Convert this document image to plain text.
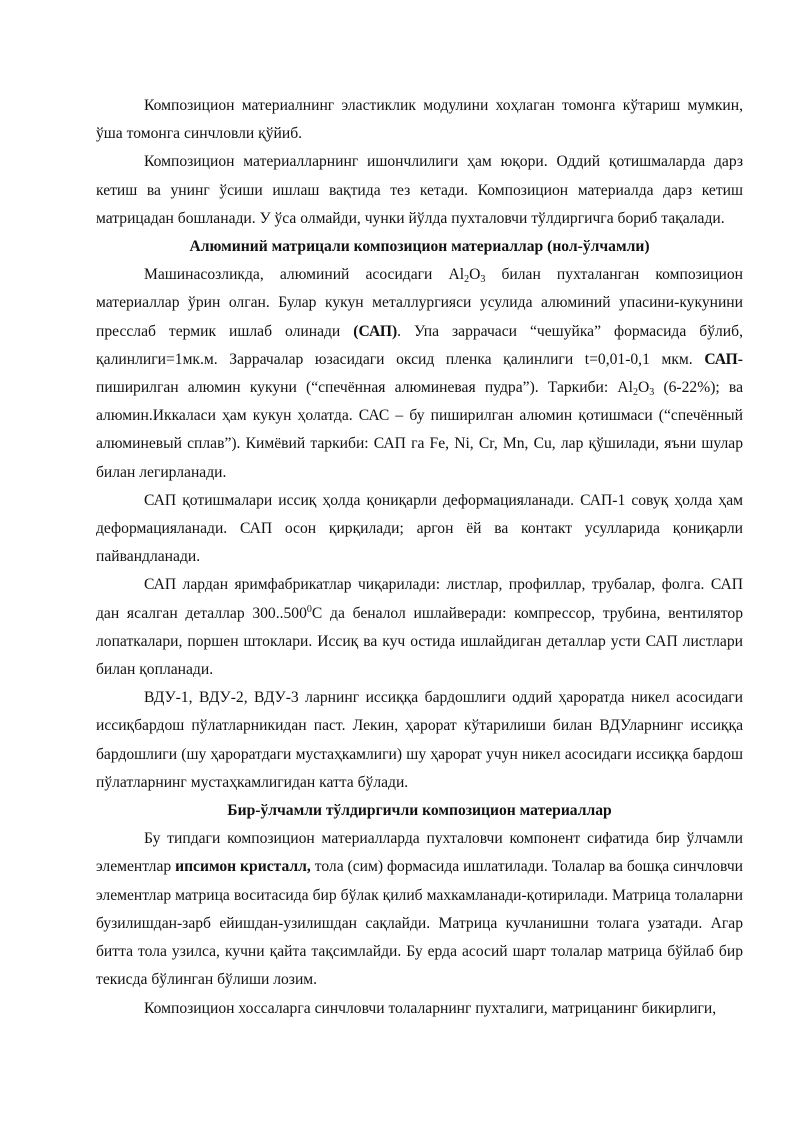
Композицион материалнинг эластиклик модулини хоҳлаган томонга кўтариш мумкин, ўша томонга синчловли қўйиб.

Композицион материалларнинг ишончлилиги ҳам юқори. Оддий қотишмаларда дарз кетиш ва унинг ўсиши ишлаш вақтида тез кетади. Композицион материалда дарз кетиш матрицадан бошланади. У ўса олмайди, чунки йўлда пухталовчи тўлдиргичга бориб тақалади.

Алюминий матрицали композицион материаллар (нол-ўлчамли)

Машинасозликда, алюминий асосидаги $Al_2O_3$ билан пухталанган композицион материаллар ўрин олган. Булар кукун металлургияси усулида алюминий упасини-кукунини пресслаб термик ишлаб олинади (САП). Упа заррачаси “чешуйка” формасида бўлиб, қалинлиги=1мк.м. Заррачалар юзасидаги оксид пленка қалинлиги t=0,01-0,1 мкм. САП- пиширилган алюмин кукуни (“спечённая алюминевая пудра”). Таркиби: $Al_2O_3$ (6-22%); ва алюмин.Иккаласи ҳам кукун ҳолатда. САС – бу пиширилган алюмин қотишмаси (“спечённый алюминевый сплав”). Кимёвий таркиби: САП га Fe, Ni, Cr, Mn, Cu, лар қўшилади, яъни шулар билан легирланади.

САП қотишмалари иссиқ ҳолда қониқарли деформацияланади. САП-1 совуқ ҳолда ҳам деформацияланади. САП осон қирқилади; аргон ёй ва контакт усулларида қониқарли пайвандланади.

САП лардан яримфабрикатлар чиқарилади: листлар, профиллар, трубалар, фолга. САП дан ясалган деталлар 300..500$^0$С да беналол ишлайверади: компрессор, трубина, вентилятор лопаткалари, поршен штоклари. Иссиқ ва куч остида ишлайдиган деталлар усти САП листлари билан қопланади.

ВДУ-1, ВДУ-2, ВДУ-3 ларнинг иссиққа бардошлиги оддий ҳароратда никел асосидаги иссиқбардош пўлатларникидан паст. Лекин, ҳарорат кўтарилиши билан ВДУларнинг иссиққа бардошлиги (шу ҳароратдаги мустаҳкамлиги) шу ҳарорат учун никел асосидаги иссиққа бардош пўлатларнинг мустаҳкамлигидан катта бўлади.

Бир-ўлчамли тўлдиргичли композицион материаллар

Бу типдаги композицион материалларда пухталовчи компонент сифатида бир ўлчамли элементлар ипсимон кристалл, тола (сим) формасида ишлатилади. Толалар ва бошқа синчловчи элементлар матрица воситасида бир бўлак қилиб махкамланади-қотирилади. Матрица толаларни бузилишдан-зарб ейишдан-узилишдан сақлайди. Матрица кучланишни толага узатади. Агар битта тола узилса, кучни қайта тақсимлайди. Бу ерда асосий шарт толалар матрица бўйлаб бир текисда бўлинган бўлиши лозим.

Композицион хоссаларга синчловчи толаларнинг пухталиги, матрицанинг бикирлиги,
